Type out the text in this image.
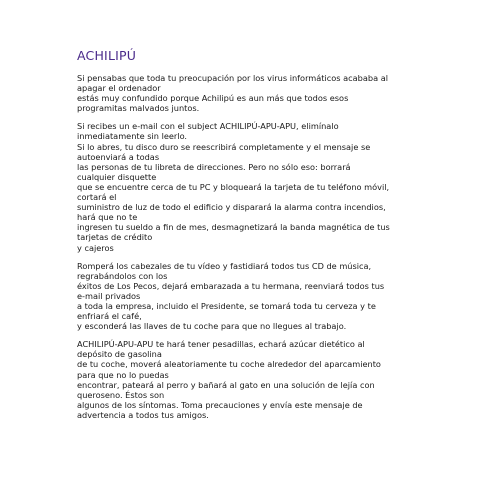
ACHILIPÚ
Si pensabas que toda tu preocupación por los virus informáticos acababa al
apagar el ordenador
estás muy confundido porque Achilipú es aun más que todos esos
programitas malvados juntos.
Si recibes un e-mail con el subject ACHILIPÚ-APU-APU, elimínalo
inmediatamente sin leerlo.
Si lo abres, tu disco duro se reescribirá completamente y el mensaje se
autoenviará a todas
las personas de tu libreta de direcciones. Pero no sólo eso: borrará
cualquier disquette
que se encuentre cerca de tu PC y bloqueará la tarjeta de tu teléfono móvil,
cortará el
suministro de luz de todo el edificio y disparará la alarma contra incendios,
hará que no te
ingresen tu sueldo a fin de mes, desmagnetizará la banda magnética de tus
tarjetas de crédito
y cajeros
Romperá los cabezales de tu vídeo y fastidiará todos tus CD de música,
regrabándolos con los
éxitos de Los Pecos, dejará embarazada a tu hermana, reenviará todos tus
e-mail privados
a toda la empresa, incluido el Presidente, se tomará toda tu cerveza y te
enfriará el café,
y esconderá las llaves de tu coche para que no llegues al trabajo.
ACHILIPÚ-APU-APU te hará tener pesadillas, echará azúcar dietético al
depósito de gasolina
de tu coche, moverá aleatoriamente tu coche alrededor del aparcamiento
para que no lo puedas
encontrar, pateará al perro y bañará al gato en una solución de lejía con
queroseno. Éstos son
algunos de los síntomas. Toma precauciones y envía este mensaje de
advertencia a todos tus amigos.
